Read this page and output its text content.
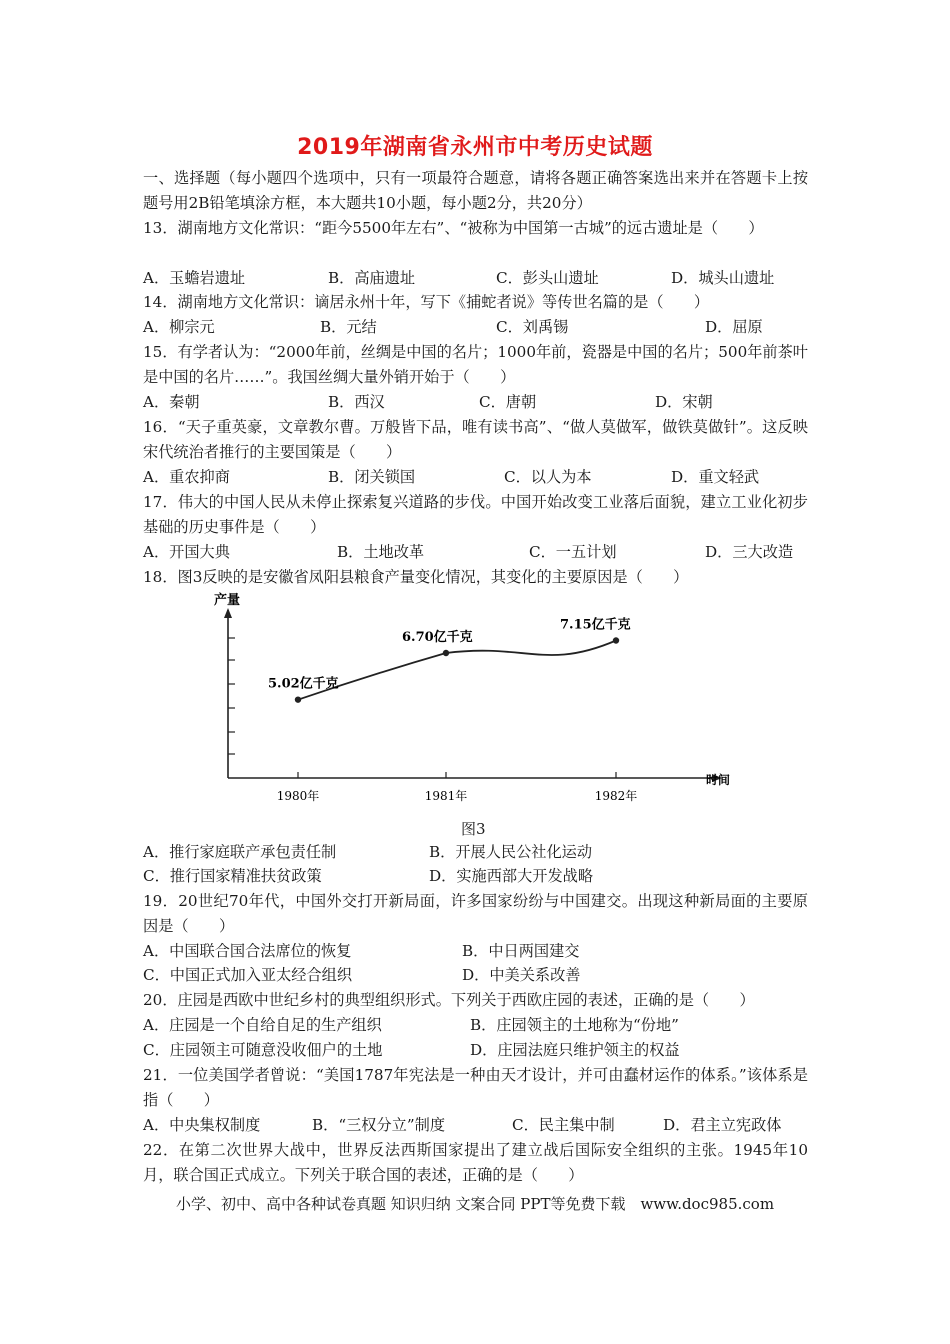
2019年湖南省永州市中考历史试题
一、选择题（每小题四个选项中，只有一项最符合题意，请将各题正确答案选出来并在答题卡上按题号用2B铅笔填涂方框，本大题共10小题，每小题2分，共20分）
13．湖南地方文化常识：“距今5500年左右”、“被称为中国第一古城”的远古遗址是（　　）
A．玉蟾岩遗址	B．高庙遗址	C．彭头山遗址	D．城头山遗址
14．湖南地方文化常识：谪居永州十年，写下《捕蛇者说》等传世名篇的是（　　）
A．柳宗元	B．元结	C．刘禹锡	D．屈原
15．有学者认为：“2000年前，丝绸是中国的名片；1000年前，瓷器是中国的名片；500年前茶叶是中国的名片……”。我国丝绸大量外销开始于（　　）
A．秦朝	B．西汉	C．唐朝	D．宋朝
16．“天子重英豪，文章教尔曹。万般皆下品，唯有读书高”、“做人莫做军，做铁莫做针”。这反映宋代统治者推行的主要国策是（　　）
A．重农抑商	B．闭关锁国	C．以人为本	D．重文轻武
17．伟大的中国人民从未停止探索复兴道路的步伐。中国开始改变工业落后面貌，建立工业化初步基础的历史事件是（　　）
A．开国大典	B．土地改革	C．一五计划	D．三大改造
18．图3反映的是安徽省凤阳县粮食产量变化情况，其变化的主要原因是（　　）
产量
时间
1980年	1981年	1982年
5.02亿千克
6.70亿千克
7.15亿千克
图3
A．推行家庭联产承包责任制	B．开展人民公社化运动
C．推行国家精准扶贫政策	D．实施西部大开发战略
19．20世纪70年代，中国外交打开新局面，许多国家纷纷与中国建交。出现这种新局面的主要原因是（　　）
A．中国联合国合法席位的恢复	B．中日两国建交
C．中国正式加入亚太经合组织	D．中美关系改善
20．庄园是西欧中世纪乡村的典型组织形式。下列关于西欧庄园的表述，正确的是（　　）
A．庄园是一个自给自足的生产组织	B．庄园领主的土地称为“份地”
C．庄园领主可随意没收佃户的土地	D．庄园法庭只维护领主的权益
21．一位美国学者曾说：“美国1787年宪法是一种由天才设计，并可由蠢材运作的体系。”该体系是指（　　）
A．中央集权制度	B．“三权分立”制度	C．民主集中制	D．君主立宪政体
22．在第二次世界大战中，世界反法西斯国家提出了建立战后国际安全组织的主张。1945年10月，联合国正式成立。下列关于联合国的表述，正确的是（　　）
小学、初中、高中各种试卷真题 知识归纳 文案合同 PPT等免费下载　www.doc985.com
